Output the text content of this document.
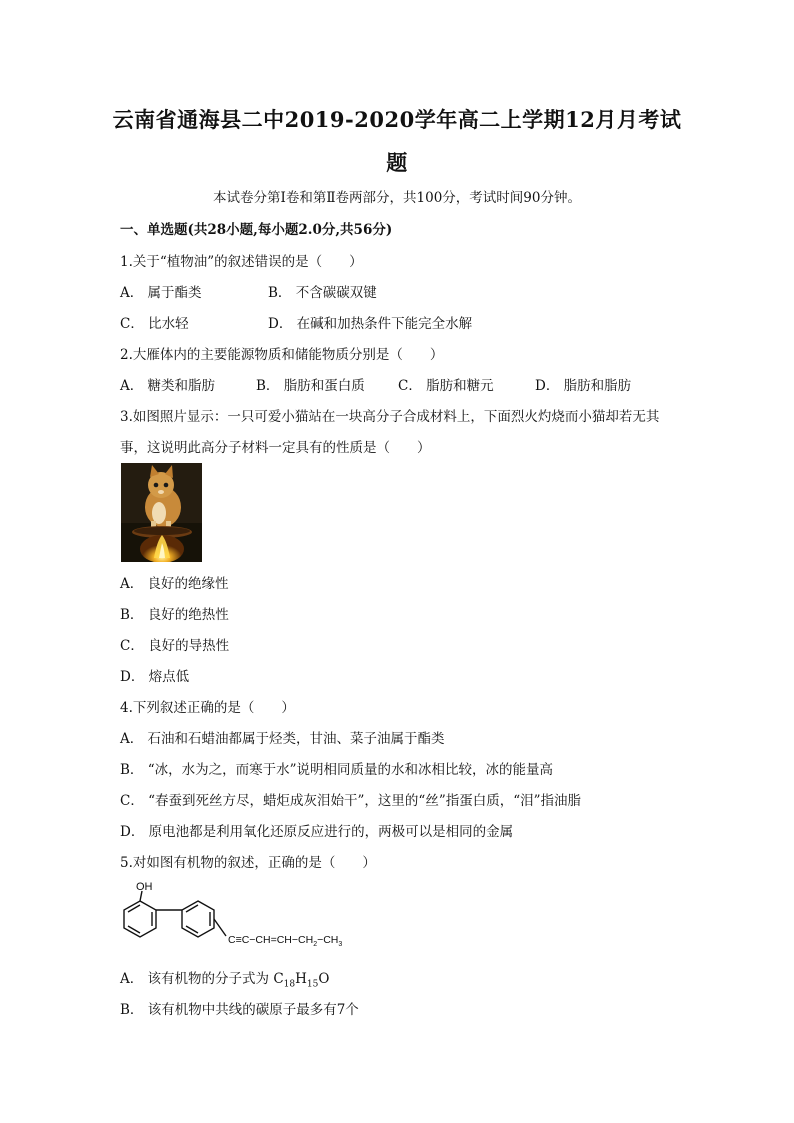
云南省通海县二中2019-2020学年高二上学期12月月考试
题
本试卷分第Ⅰ卷和第Ⅱ卷两部分，共100分，考试时间90分钟。
一、单选题(共28小题,每小题2.0分,共56分)
1.关于“植物油”的叙述错误的是（　　）
A． 属于酯类	B． 不含碳碳双键
C． 比水轻	D． 在碱和加热条件下能完全水解
2.大雁体内的主要能源物质和储能物质分别是（　　）
A． 糖类和脂肪	B． 脂肪和蛋白质 C． 脂肪和糖元	D． 脂肪和脂肪
3.如图照片显示：一只可爱小猫站在一块高分子合成材料上，下面烈火灼烧而小猫却若无其
事，这说明此高分子材料一定具有的性质是（　　）
A． 良好的绝缘性
B． 良好的绝热性
C． 良好的导热性
D． 熔点低
4.下列叙述正确的是（　　）
A． 石油和石蜡油都属于烃类，甘油、菜子油属于酯类
B． “冰，水为之，而寒于水”说明相同质量的水和冰相比较，冰的能量高
C． “春蚕到死丝方尽，蜡炬成灰泪始干”，这里的“丝”指蛋白质，“泪”指油脂
D． 原电池都是利用氧化还原反应进行的，两极可以是相同的金属
5.对如图有机物的叙述，正确的是（　　）
OH
$C\equiv C-CH=CH-CH_2-CH_3$
A． 该有机物的分子式为 $C_{18}H_{15}O$
B． 该有机物中共线的碳原子最多有7个
